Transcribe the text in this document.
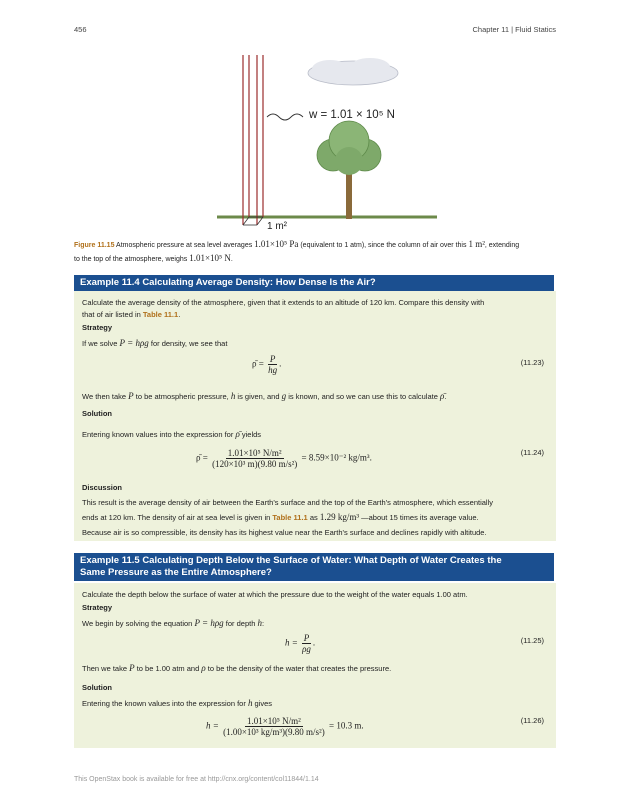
456	Chapter 11 | Fluid Statics
w = 1.01 × 10⁵ N
1 m²
Figure 11.15 Atmospheric pressure at sea level averages 1.01×10⁵ Pa (equivalent to 1 atm), since the column of air over this 1 m², extending
to the top of the atmosphere, weighs 1.01×10⁵ N.
Example 11.4 Calculating Average Density: How Dense Is the Air?
Calculate the average density of the atmosphere, given that it extends to an altitude of 120 km. Compare this density with
that of air listed in Table 11.1.
Strategy
If we solve P = hρg for density, we see that
ρ̄ = $\frac{P}{hg}$ .	(11.23)
We then take P to be atmospheric pressure, h is given, and g is known, and so we can use this to calculate ρ̄.
Solution
Entering known values into the expression for ρ̄ yields
ρ̄ = $\frac{\text{1.01×10⁵ N/m²}}{\text{(120×10³ m)(9.80 m/s²)}} = 8.59\times 10^{-2}$ kg/m³.
(11.24)
Discussion
This result is the average density of air between the Earth's surface and the top of the Earth's atmosphere, which essentially
ends at 120 km. The density of air at sea level is given in Table 11.1 as 1.29 kg/m³ —about 15 times its average value.
Because air is so compressible, its density has its highest value near the Earth's surface and declines rapidly with altitude.
Example 11.5 Calculating Depth Below the Surface of Water: What Depth of Water Creates the
Same Pressure as the Entire Atmosphere?
Calculate the depth below the surface of water at which the pressure due to the weight of the water equals 1.00 atm.
Strategy
We begin by solving the equation P = hρg for depth h:
$h = \frac{P}{\rho g}$ .	(11.25)
Then we take P to be 1.00 atm and ρ to be the density of the water that creates the pressure.
Solution
Entering the known values into the expression for h gives
$h = \frac{\text{1.01×10⁵ N/m²}}{\text{(1.00×10³ kg/m³)(9.80 m/s²)}} = 10.3$ m.
(11.26)
This OpenStax book is available for free at http://cnx.org/content/col11844/1.14
